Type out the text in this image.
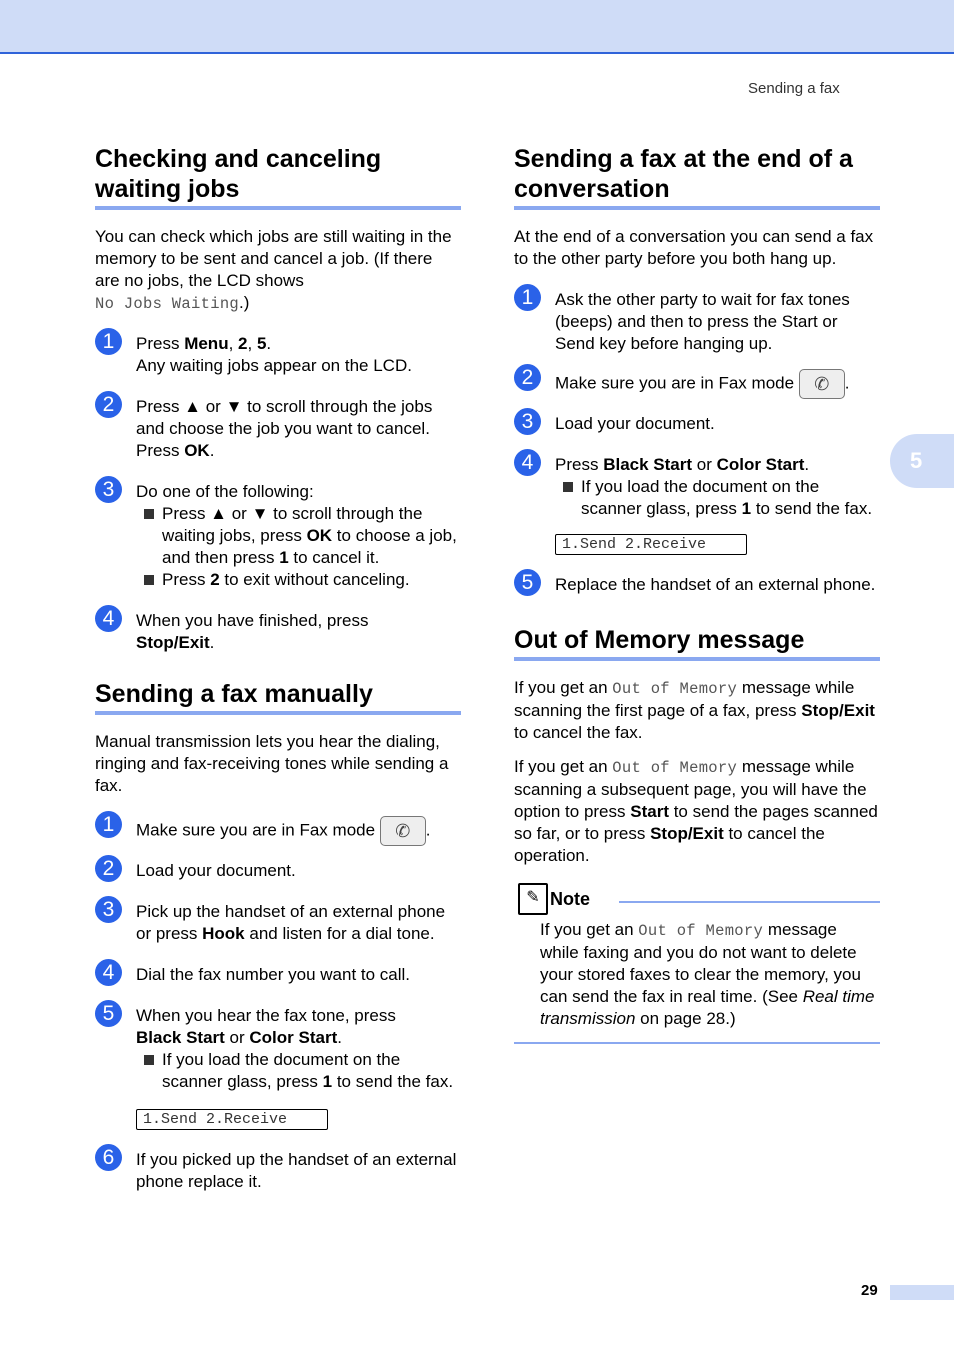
Sending a fax
5
Checking and canceling waiting jobs

You can check which jobs are still waiting in the memory to be sent and cancel a job. (If there are no jobs, the LCD shows
No Jobs Waiting.)

1	Press Menu, 2, 5.
Any waiting jobs appear on the LCD.
2	Press ▲ or ▼ to scroll through the jobs and choose the job you want to cancel. Press OK.
3	Do one of the following:
Press ▲ or ▼ to scroll through the waiting jobs, press OK to choose a job, and then press 1 to cancel it.
Press 2 to exit without canceling.
4	When you have finished, press
Stop/Exit.
Sending a fax manually

Manual transmission lets you hear the dialing, ringing and fax-receiving tones while sending a fax.

1	Make sure you are in Fax mode ✆ .
2	Load your document.
3	Pick up the handset of an external phone or press Hook and listen for a dial tone.
4	Dial the fax number you want to call.
5	When you hear the fax tone, press
Black Start or Color Start.
If you load the document on the scanner glass, press 1 to send the fax.
1.Send 2.Receive
6	If you picked up the handset of an external phone replace it.
Sending a fax at the end of a conversation

At the end of a conversation you can send a fax to the other party before you both hang up.

1	Ask the other party to wait for fax tones (beeps) and then to press the Start or Send key before hanging up.
2	Make sure you are in Fax mode ✆ .
3	Load your document.
4	Press Black Start or Color Start.
If you load the document on the scanner glass, press 1 to send the fax.
1.Send 2.Receive
5	Replace the handset of an external phone.
Out of Memory message

If you get an Out of Memory message while scanning the first page of a fax, press Stop/Exit to cancel the fax.

If you get an Out of Memory message while scanning a subsequent page, you will have the option to press Start to send the pages scanned so far, or to press Stop/Exit to cancel the operation.

✎ Note
If you get an Out of Memory message while faxing and you do not want to delete your stored faxes to clear the memory, you can send the fax in real time. (See Real time transmission on page 28.)
29
